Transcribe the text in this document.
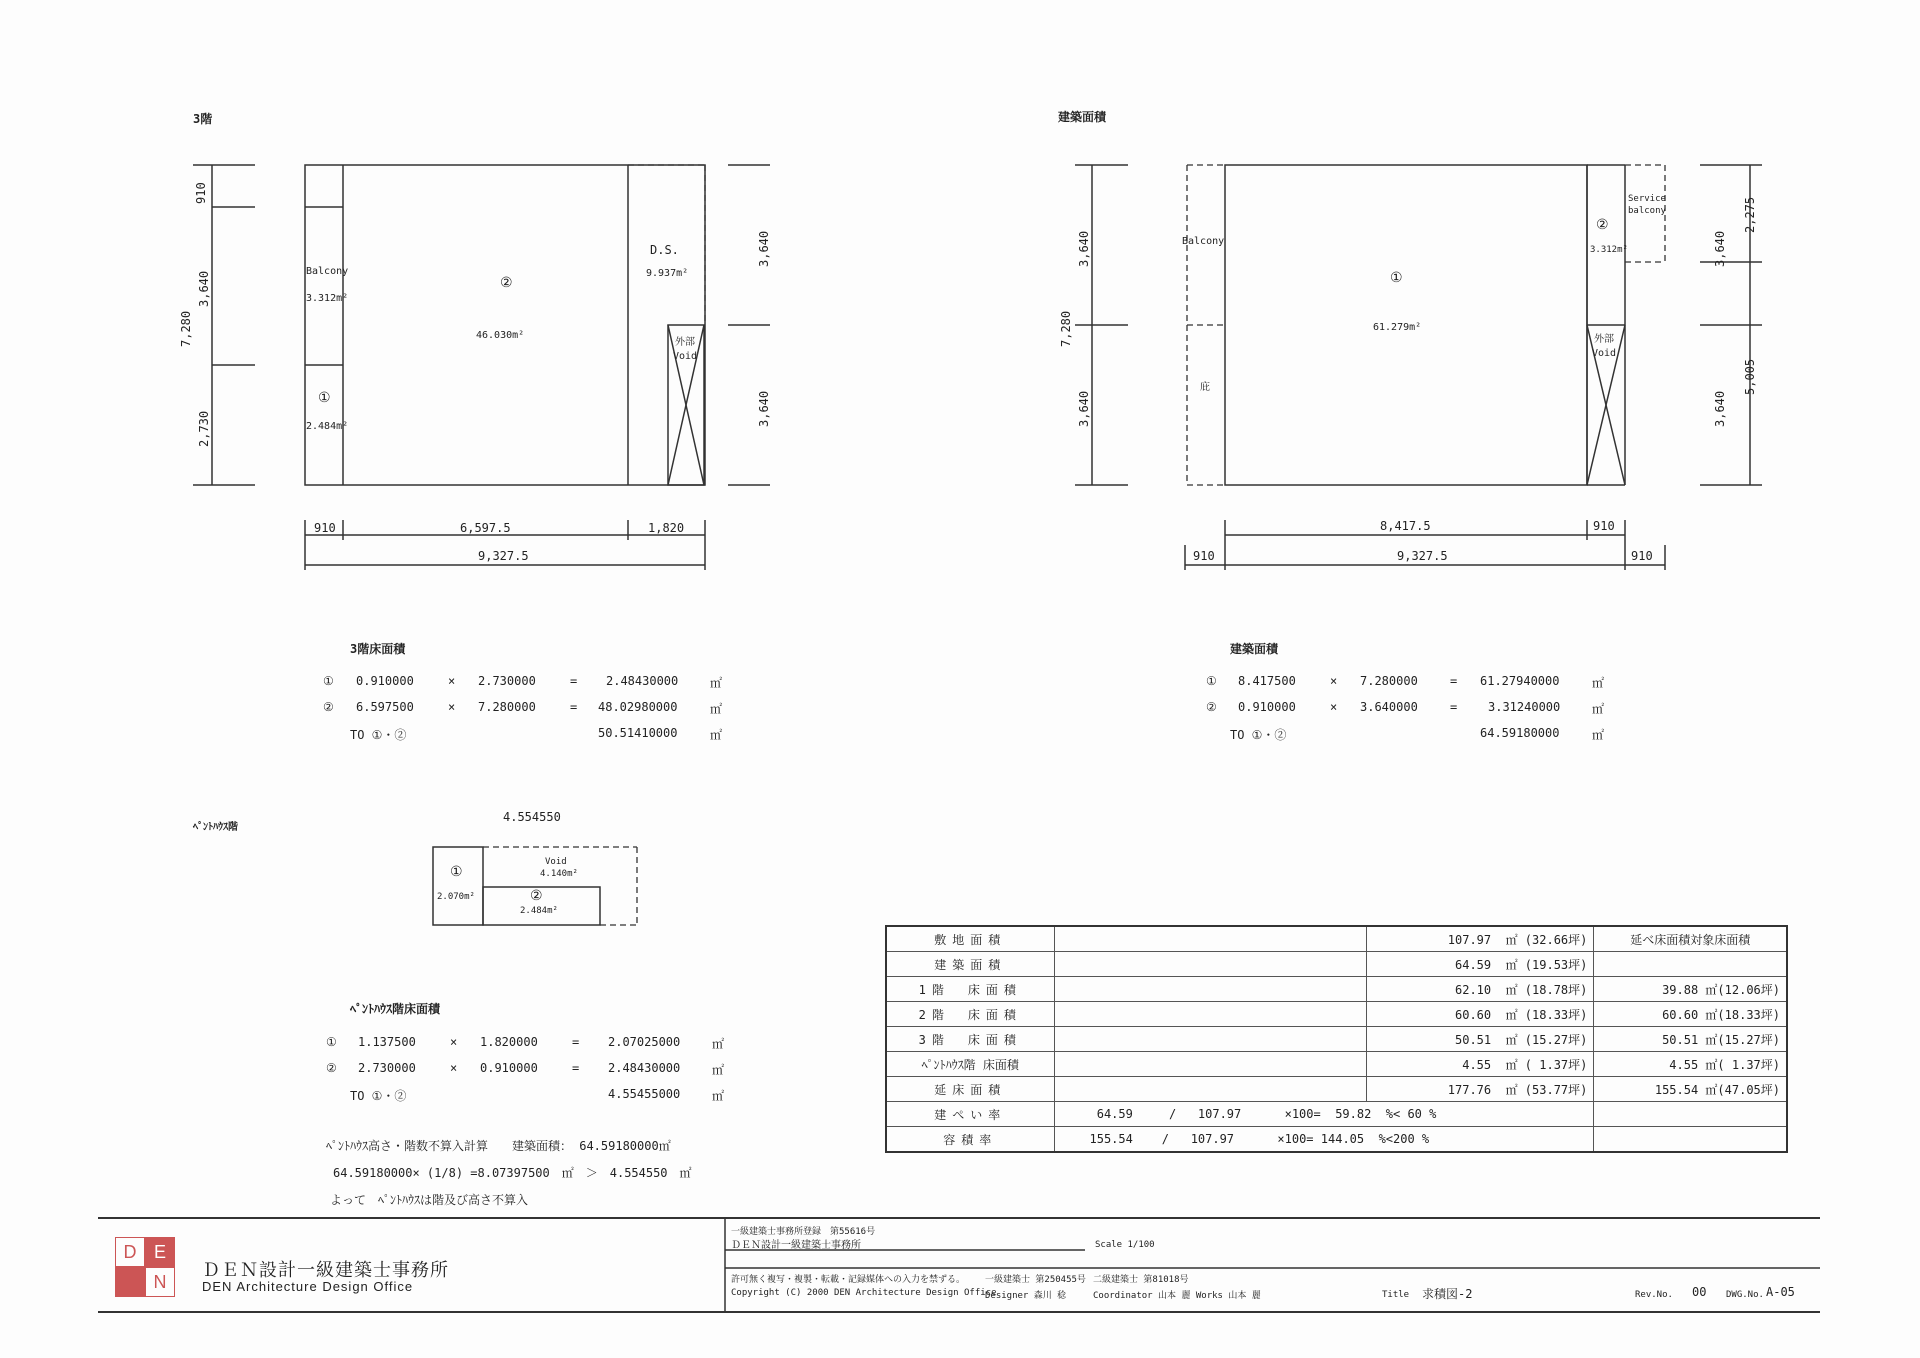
3階
910
3,640
2,730
7,280
3,640
3,640
Balcony
3.312m²
①
2.484m²
②
46.030m²
D.S.
9.937m²
外部
Void
910	6,597.5	1,820
9,327.5
建築面積
3,640
3,640
7,280
3,640
3,640
2,275
5,005
Balcony
庇
Service balcony
①
61.279m²
②
3.312m²
外部
Void
8,417.5	910
910	9,327.5	910
3階床面積
① 0.910000	× 2.730000	= 2.48430000	㎡
② 6.597500	× 7.280000	= 48.02980000	㎡
TO ①・②	50.51410000	㎡
建築面積
① 8.417500	× 7.280000	= 61.27940000	㎡
② 0.910000	× 3.640000	=	3.31240000	㎡
TO ①・②	64.59180000	㎡
ﾍﾟﾝﾄﾊｳｽ階
4.554550
①
2.070m²
Void
4.140m²
②
2.484m²
ﾍﾟﾝﾄﾊｳｽ階床面積
① 1.137500	× 1.820000	= 2.07025000	㎡
② 2.730000	× 0.910000	= 2.48430000	㎡
TO ①・②	4.55455000	㎡
ﾍﾟﾝﾄﾊｳｽ高さ・階数不算入計算　　建築面積： 64.59180000㎡
64.59180000× (1/8) =8.07397500　㎡　＞　4.554550　㎡
よって　ﾍﾟﾝﾄﾊｳｽは階及び高さ不算入
敷地面積		107.97 ㎡ (32.66坪)	延べ床面積対象床面積
建築面積		64.59 ㎡ (19.53坪)	
1階　床面積		62.10 ㎡ (18.78坪)	39.88 ㎡(12.06坪)
2階　床面積		60.60 ㎡ (18.33坪)	60.60 ㎡(18.33坪)
3階　床面積		50.51 ㎡ (15.27坪)	50.51 ㎡(15.27坪)
ﾍﾟﾝﾄﾊｳｽ階 床面積		4.55 ㎡ ( 1.37坪)	4.55 ㎡( 1.37坪)
延床面積		177.76 ㎡ (53.77坪)	155.54 ㎡(47.05坪)
建ぺい率	64.59 / 107.97 ×100= 59.82 %< 60 %		
容積率	155.54 / 107.97 ×100= 144.05 %<200 %		
D E
N
ＤＥＮ設計一級建築士事務所
DEN Architecture Design Office
一級建築士事務所登録　第55616号
ＤＥＮ設計一級建築士事務所	Scale 1/100
許可無く複写・複製・転載・記録媒体への入力を禁ずる。
Copyright (C) 2000 DEN Architecture Design Office
一級建築士 第250455号
Designer 森川 稔
二級建築士 第81018号
Coordinator 山本 麗 Works 山本 麗	Title 求積図-2	Rev.No. 00 DWG.No. A-05
